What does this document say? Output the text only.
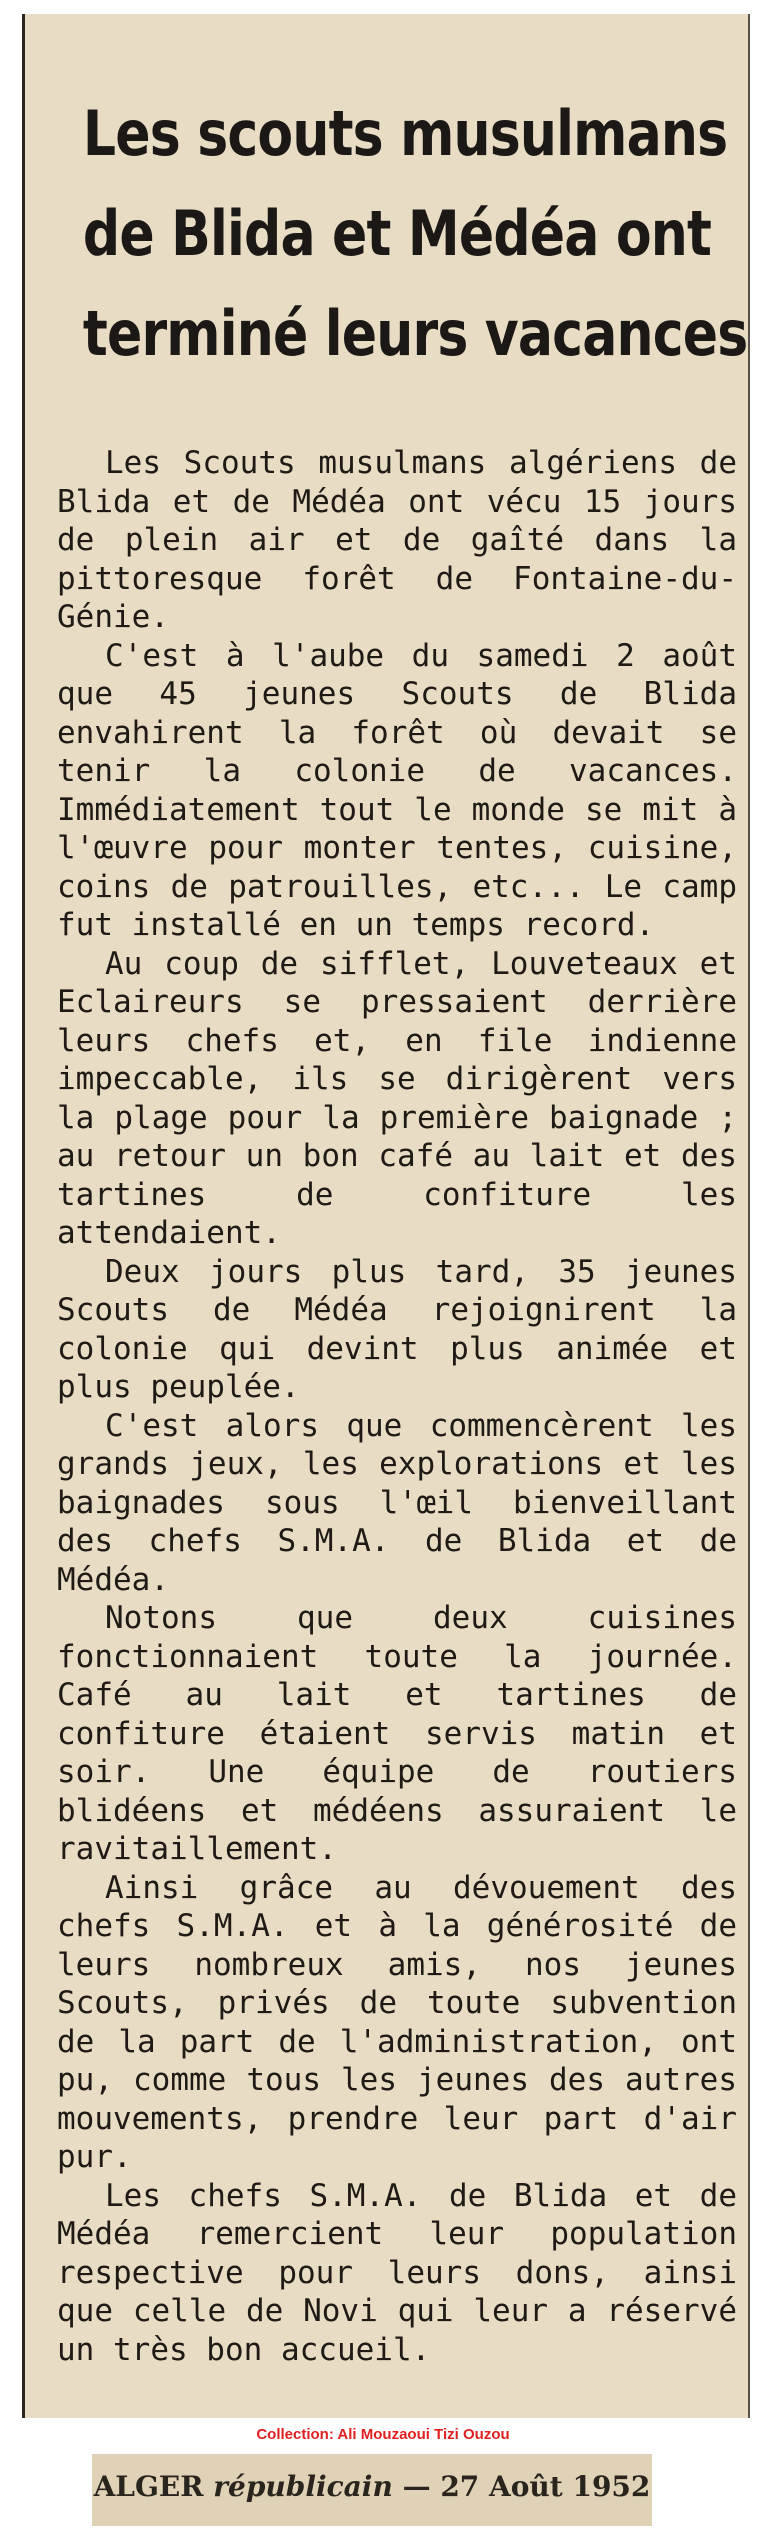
Les scouts musulmans
de Blida et Médéa ont
terminé leurs vacances

Les Scouts musulmans algériens de Blida et de Médéa ont vécu 15 jours de plein air et de gaîté dans la pittoresque forêt de Fontaine-du-Génie.

C'est à l'aube du samedi 2 août que 45 jeunes Scouts de Blida envahirent la forêt où devait se tenir la colonie de vacances. Immédiatement tout le monde se mit à l'œuvre pour monter tentes, cuisine, coins de patrouilles, etc... Le camp fut installé en un temps record.

Au coup de sifflet, Louveteaux et Eclaireurs se pressaient derrière leurs chefs et, en file indienne impeccable, ils se dirigèrent vers la plage pour la première baignade ; au retour un bon café au lait et des tartines de confiture les attendaient.

Deux jours plus tard, 35 jeunes Scouts de Médéa rejoignirent la colonie qui devint plus animée et plus peuplée.

C'est alors que commencèrent les grands jeux, les explorations et les baignades sous l'œil bienveillant des chefs S.M.A. de Blida et de Médéa.

Notons que deux cuisines fonctionnaient toute la journée. Café au lait et tartines de confiture étaient servis matin et soir. Une équipe de routiers blidéens et médéens assuraient le ravitaillement.

Ainsi grâce au dévouement des chefs S.M.A. et à la générosité de leurs nombreux amis, nos jeunes Scouts, privés de toute subvention de la part de l'administration, ont pu, comme tous les jeunes des autres mouvements, prendre leur part d'air pur.

Les chefs S.M.A. de Blida et de Médéa remercient leur population respective pour leurs dons, ainsi que celle de Novi qui leur a réservé un très bon accueil.

Collection: Ali Mouzaoui Tizi Ouzou
ALGER républicain — 27 Août 1952
